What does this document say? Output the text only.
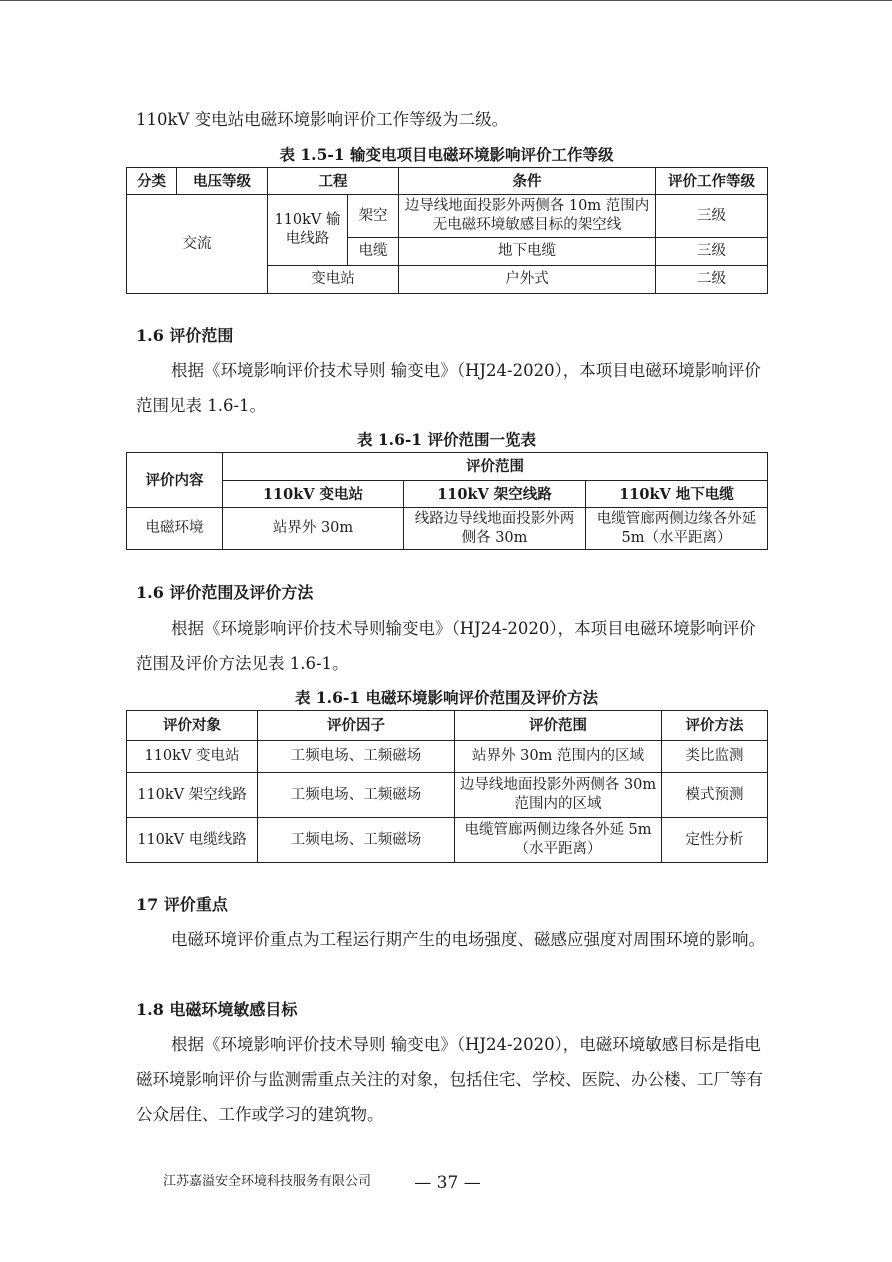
110kV 变电站电磁环境影响评价工作等级为二级。

表 1.5-1 输变电项目电磁环境影响评价工作等级

分类	电压等级	工程		条件	评价工作等级
交流		110kV 输电线路	架空	边导线地面投影外两侧各 10m 范围内无电磁环境敏感目标的架空线	三级
			电缆	地下电缆	三级
		变电站		户外式	二级

1.6 评价范围

根据《环境影响评价技术导则 输变电》（HJ24-2020），本项目电磁环境影响评价范围见表 1.6-1。

表 1.6-1 评价范围一览表

评价内容	评价范围		
	110kV 变电站	110kV 架空线路	110kV 地下电缆
电磁环境	站界外 30m	线路边导线地面投影外两侧各 30m	电缆管廊两侧边缘各外延 5m（水平距离）

1.6 评价范围及评价方法

根据《环境影响评价技术导则输变电》（HJ24-2020），本项目电磁环境影响评价范围及评价方法见表 1.6-1。

表 1.6-1 电磁环境影响评价范围及评价方法

评价对象	评价因子	评价范围	评价方法
110kV 变电站	工频电场、工频磁场	站界外 30m 范围内的区域	类比监测
110kV 架空线路	工频电场、工频磁场	边导线地面投影外两侧各 30m 范围内的区域	模式预测
110kV 电缆线路	工频电场、工频磁场	电缆管廊两侧边缘各外延 5m（水平距离）	定性分析

17 评价重点

电磁环境评价重点为工程运行期产生的电场强度、磁感应强度对周围环境的影响。

1.8 电磁环境敏感目标

根据《环境影响评价技术导则 输变电》（HJ24-2020），电磁环境敏感目标是指电磁环境影响评价与监测需重点关注的对象，包括住宅、学校、医院、办公楼、工厂等有公众居住、工作或学习的建筑物。

江苏嘉溢安全环境科技服务有限公司	— 37 —
